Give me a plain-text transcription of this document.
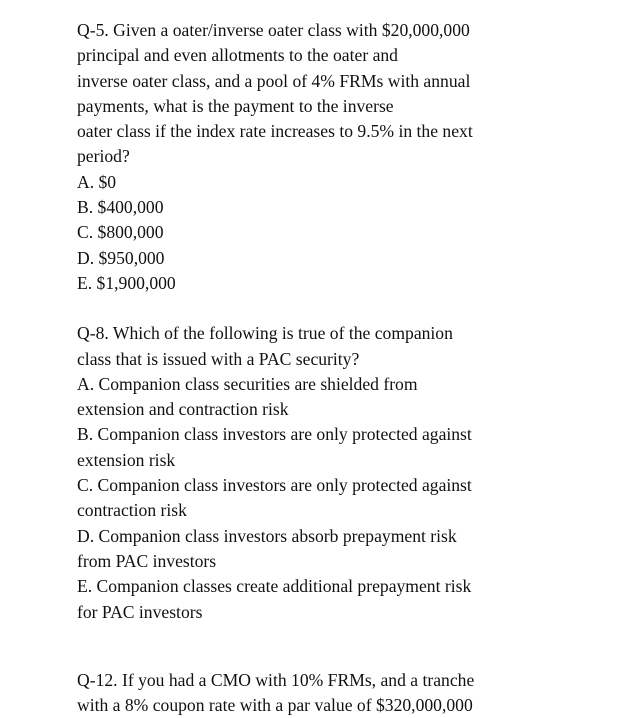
Q-5. Given a oater/inverse oater class with $20,000,000
principal and even allotments to the oater and
inverse oater class, and a pool of 4% FRMs with annual
payments, what is the payment to the inverse
oater class if the index rate increases to 9.5% in the next
period?
A. $0
B. $400,000
C. $800,000
D. $950,000
E. $1,900,000
Q-8. Which of the following is true of the companion
class that is issued with a PAC security?
A. Companion class securities are shielded from
extension and contraction risk
B. Companion class investors are only protected against
extension risk
C. Companion class investors are only protected against
contraction risk
D. Companion class investors absorb prepayment risk
from PAC investors
E. Companion classes create additional prepayment risk
for PAC investors
Q-12. If you had a CMO with 10% FRMs, and a tranche
with a 8% coupon rate with a par value of $320,000,000
